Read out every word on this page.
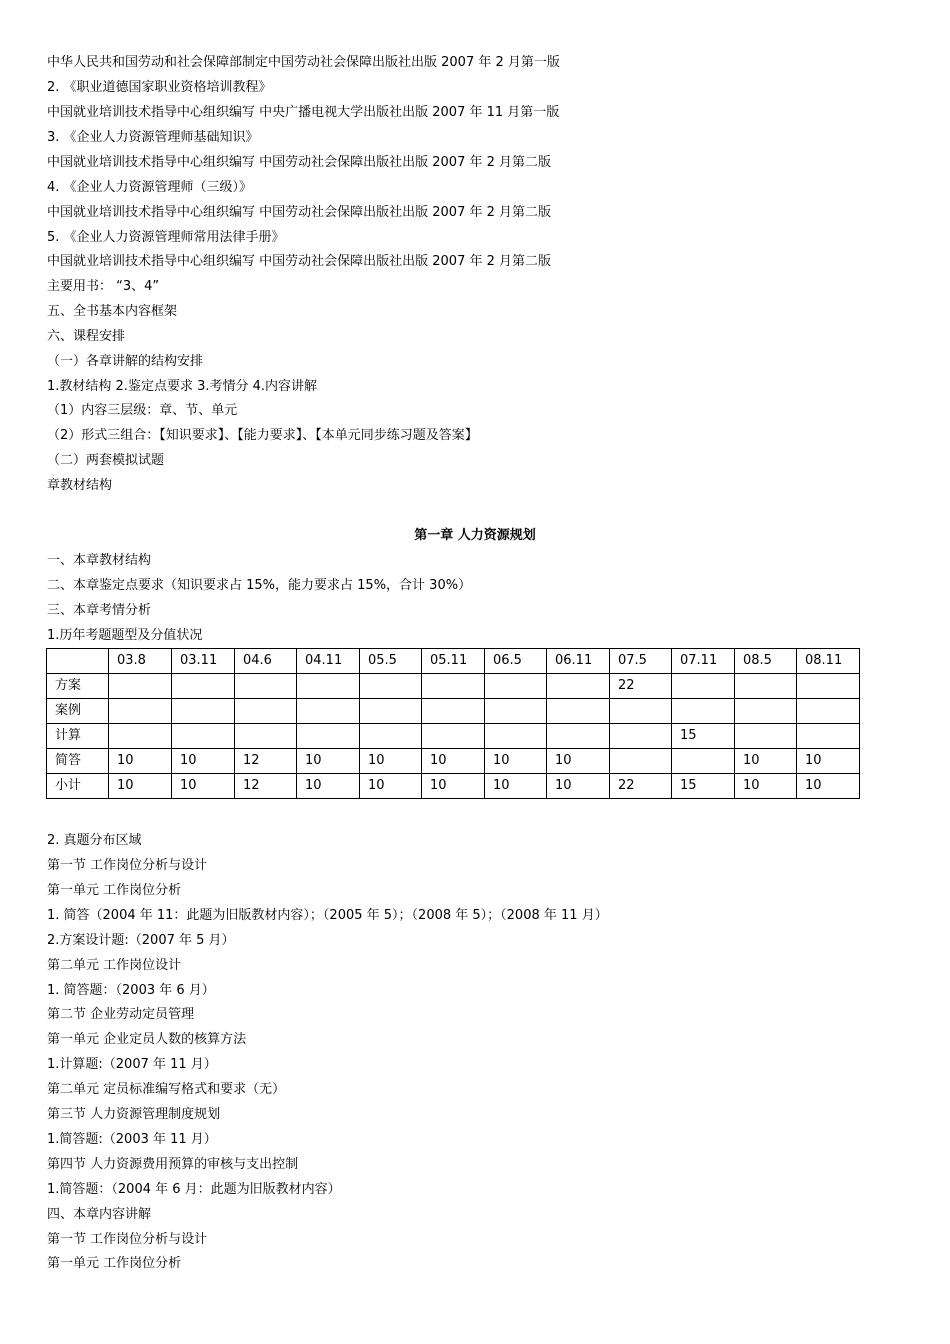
中华人民共和国劳动和社会保障部制定中国劳动社会保障出版社出版 2007 年 2 月第一版
2. 《职业道德国家职业资格培训教程》
中国就业培训技术指导中心组织编写 中央广播电视大学出版社出版 2007 年 11 月第一版
3. 《企业人力资源管理师基础知识》
中国就业培训技术指导中心组织编写 中国劳动社会保障出版社出版 2007 年 2 月第二版
4. 《企业人力资源管理师（三级）》
中国就业培训技术指导中心组织编写 中国劳动社会保障出版社出版 2007 年 2 月第二版
5. 《企业人力资源管理师常用法律手册》
中国就业培训技术指导中心组织编写 中国劳动社会保障出版社出版 2007 年 2 月第二版
主要用书： “3、4”
五、全书基本内容框架
六、课程安排
（一）各章讲解的结构安排
1.教材结构 2.鉴定点要求 3.考情分 4.内容讲解
（1）内容三层级：章、节、单元
（2）形式三组合：【知识要求】、【能力要求】、【本单元同步练习题及答案】
（二）两套模拟试题
章教材结构
第一章 人力资源规划
一、本章教材结构
二、本章鉴定点要求（知识要求占 15%，能力要求占 15%，合计 30%）
三、本章考情分析
1.历年考题题型及分值状况
	03.8	03.11	04.6	04.11	05.5	05.11	06.5	06.11	07.5	07.11	08.5	08.11
方案									22			
案例												
计算										15		
简答	10	10	12	10	10	10	10	10			10	10
小计	10	10	12	10	10	10	10	10	22	15	10	10
2. 真题分布区域
第一节 工作岗位分析与设计
第一单元 工作岗位分析
1. 简答（2004 年 11：此题为旧版教材内容）；（2005 年 5）；（2008 年 5）；（2008 年 11 月）
2.方案设计题:（2007 年 5 月）
第二单元 工作岗位设计
1. 简答题：（2003 年 6 月）
第二节 企业劳动定员管理
第一单元 企业定员人数的核算方法
1.计算题:（2007 年 11 月）
第二单元 定员标准编写格式和要求（无）
第三节 人力资源管理制度规划
1.简答题:（2003 年 11 月）
第四节 人力资源费用预算的审核与支出控制
1.简答题：（2004 年 6 月：此题为旧版教材内容）
四、本章内容讲解
第一节 工作岗位分析与设计
第一单元 工作岗位分析
